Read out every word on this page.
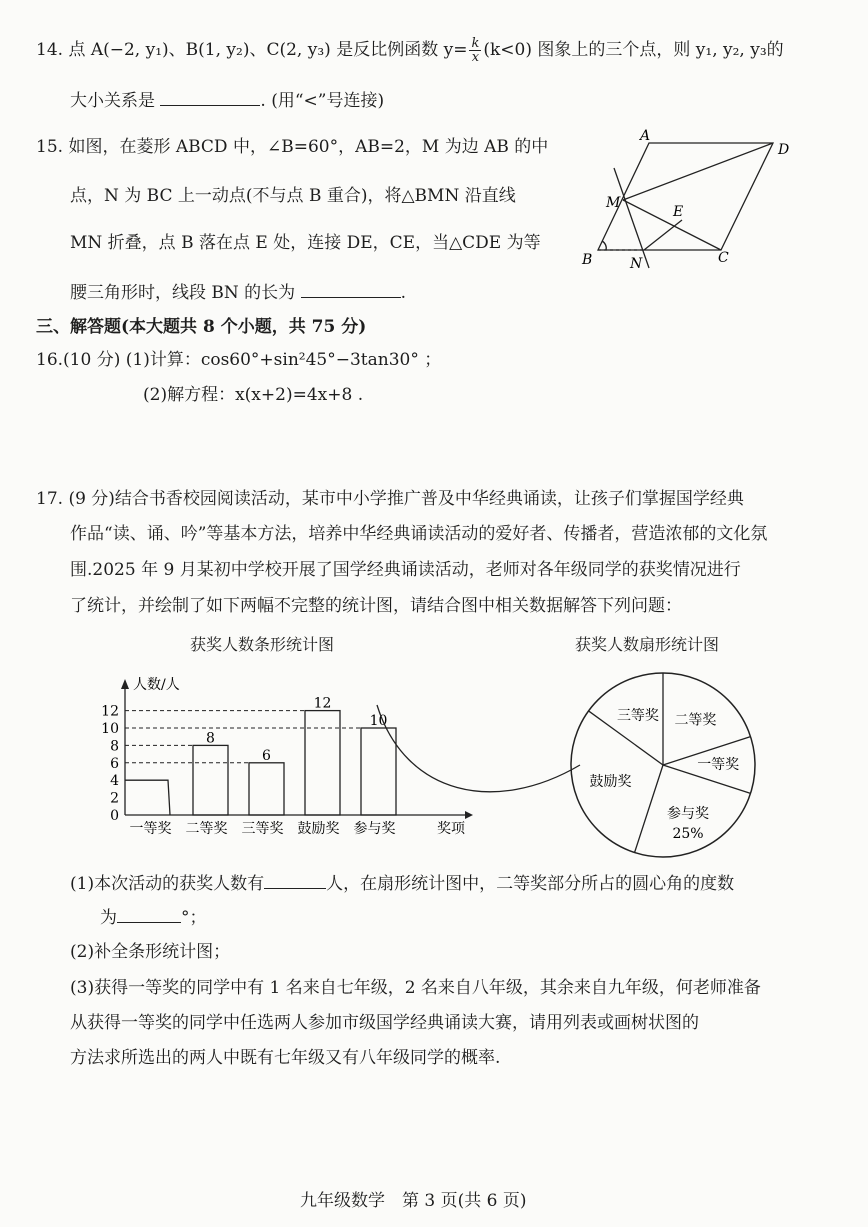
14. 点 A(−2, y₁)、B(1, y₂)、C(2, y₃) 是反比例函数 $y= \frac{k}{x} (k<0)$ 图象上的三个点，则 y₁, y₂, y₃的
大小关系是	. (用“<”号连接)
15. 如图，在菱形 ABCD 中，∠B=60°，AB=2，M 为边 AB 的中
点，N 为 BC 上一动点(不与点 B 重合)，将△BMN 沿直线
MN 折叠，点 B 落在点 E 处，连接 DE，CE，当△CDE 为等
腰三角形时，线段 BN 的长为	.
A
D
M
E
B	N	C
三、解答题(本大题共 8 个小题，共 75 分)
16.(10 分) (1)计算：cos60°+sin²45°−3tan30° ；
(2)解方程：x(x+2)=4x+8 .
17. (9 分)结合书香校园阅读活动，某市中小学推广普及中华经典诵读，让孩子们掌握国学经典
作品“读、诵、吟”等基本方法，培养中华经典诵读活动的爱好者、传播者，营造浓郁的文化氛
围.2025 年 9 月某初中学校开展了国学经典诵读活动，老师对各年级同学的获奖情况进行
了统计，并绘制了如下两幅不完整的统计图，请结合图中相关数据解答下列问题：
获奖人数条形统计图	获奖人数扇形统计图
人数/人
奖项
0
2
4
6
8
10
12
一等奖
8
二等奖
6
三等奖
12
鼓励奖
10
参与奖
三等奖 二等奖
一等奖
参与奖
25%
鼓励奖
(1)本次活动的获奖人数有	人，在扇形统计图中，二等奖部分所占的圆心角的度数
为	°；
(2)补全条形统计图；
(3)获得一等奖的同学中有 1 名来自七年级，2 名来自八年级，其余来自九年级，何老师准备
从获得一等奖的同学中任选两人参加市级国学经典诵读大赛，请用列表或画树状图的
方法求所选出的两人中既有七年级又有八年级同学的概率.
九年级数学　第 3 页(共 6 页)
